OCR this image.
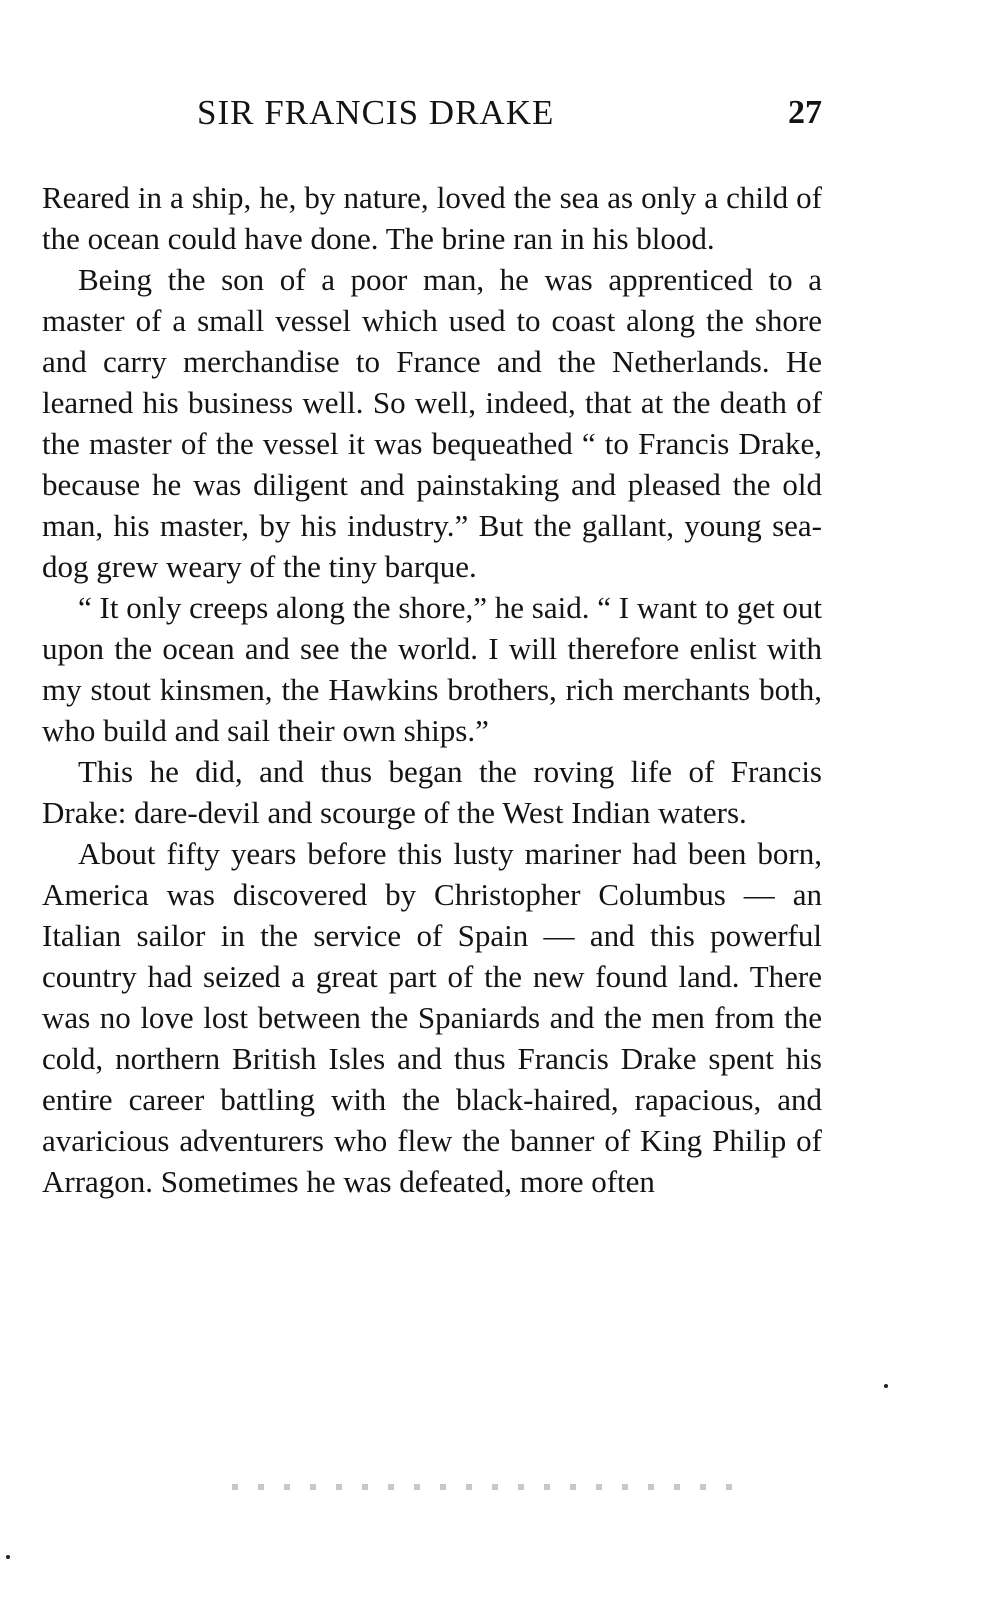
SIR FRANCIS DRAKE	27

Reared in a ship, he, by nature, loved the sea as only a child of the ocean could have done. The brine ran in his blood.

Being the son of a poor man, he was apprenticed to a master of a small vessel which used to coast along the shore and carry merchandise to France and the Netherlands. He learned his business well. So well, indeed, that at the death of the master of the vessel it was bequeathed “ to Francis Drake, because he was diligent and painstaking and pleased the old man, his master, by his industry.” But the gallant, young sea-dog grew weary of the tiny barque.

“ It only creeps along the shore,” he said. “ I want to get out upon the ocean and see the world. I will therefore enlist with my stout kinsmen, the Hawkins brothers, rich merchants both, who build and sail their own ships.”

This he did, and thus began the roving life of Francis Drake: dare-devil and scourge of the West Indian waters.

About fifty years before this lusty mariner had been born, America was discovered by Christopher Columbus — an Italian sailor in the service of Spain — and this powerful country had seized a great part of the new found land. There was no love lost between the Spaniards and the men from the cold, northern British Isles and thus Francis Drake spent his entire career battling with the black-haired, rapacious, and avaricious adventurers who flew the banner of King Philip of Arragon. Sometimes he was defeated, more often
